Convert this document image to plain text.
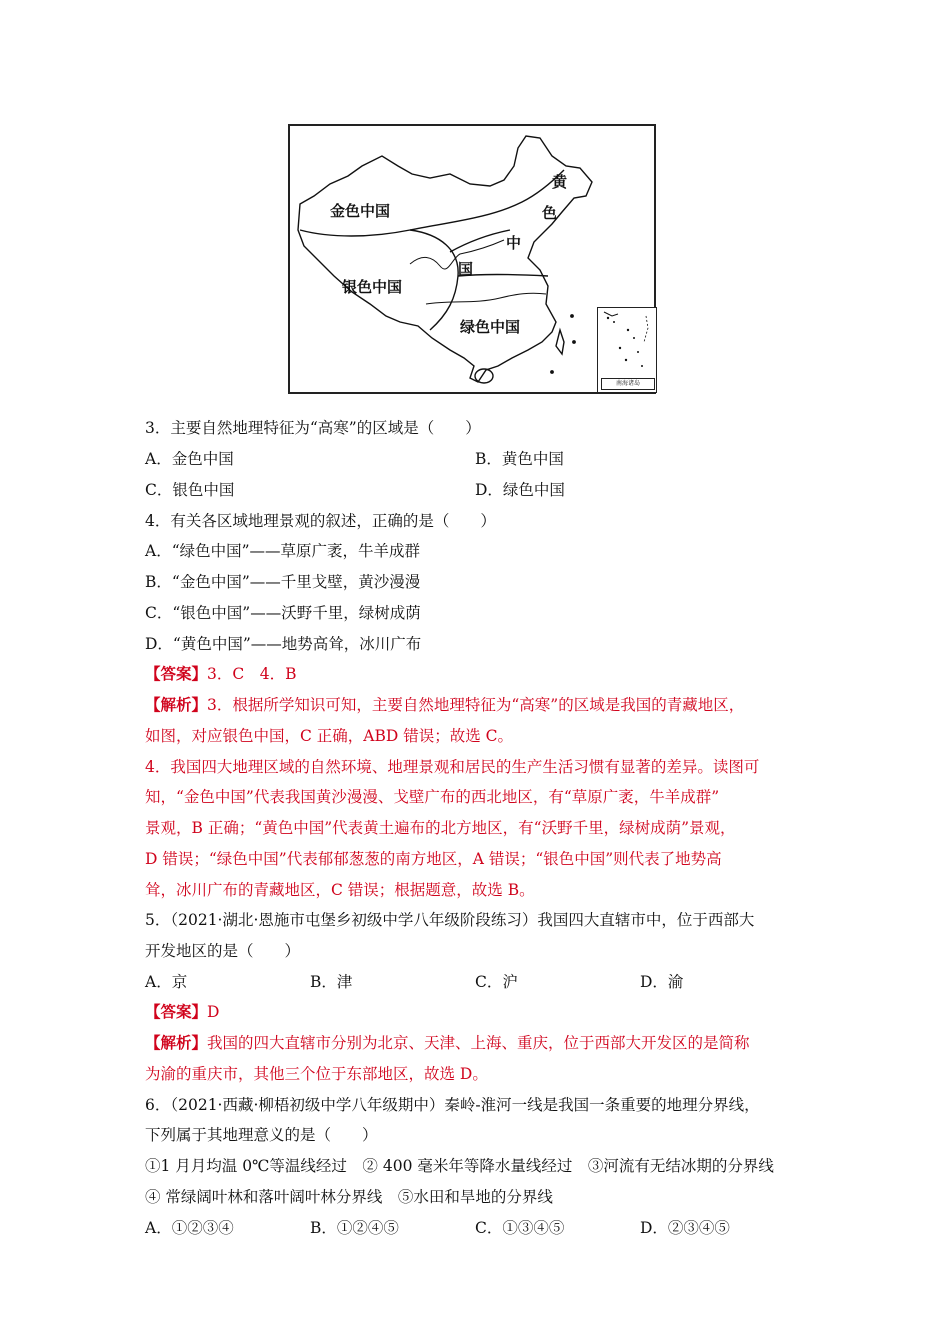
金色中国
银色中国
绿色中国
黄
色
中
国
南海诸岛
3．主要自然地理特征为“高寒”的区域是（　　）
A．金色中国	B．黄色中国
C．银色中国	D．绿色中国
4．有关各区域地理景观的叙述，正确的是（　　）
A．“绿色中国”——草原广袤，牛羊成群
B．“金色中国”——千里戈壁，黄沙漫漫
C．“银色中国”——沃野千里，绿树成荫
D．“黄色中国”——地势高耸，冰川广布
【答案】3．C　4．B
【解析】3．根据所学知识可知，主要自然地理特征为“高寒”的区域是我国的青藏地区，
如图，对应银色中国，C 正确，ABD 错误；故选 C。
4．我国四大地理区域的自然环境、地理景观和居民的生产生活习惯有显著的差异。读图可
知，“金色中国”代表我国黄沙漫漫、戈壁广布的西北地区，有“草原广袤，牛羊成群”
景观，B 正确；“黄色中国”代表黄土遍布的北方地区，有“沃野千里，绿树成荫”景观，
D 错误；“绿色中国”代表郁郁葱葱的南方地区，A 错误；“银色中国”则代表了地势高
耸，冰川广布的青藏地区，C 错误；根据题意，故选 B。
5．（2021·湖北·恩施市屯堡乡初级中学八年级阶段练习）我国四大直辖市中，位于西部大
开发地区的是（　　）
A．京	B．津	C．沪	D．渝
【答案】D
【解析】我国的四大直辖市分别为北京、天津、上海、重庆，位于西部大开发区的是简称
为渝的重庆市，其他三个位于东部地区，故选 D。
6．（2021·西藏·柳梧初级中学八年级期中）秦岭-淮河一线是我国一条重要的地理分界线，
下列属于其地理意义的是（　　）
①1 月月均温 0℃等温线经过　② 400 毫米年等降水量线经过　③河流有无结冰期的分界线
④ 常绿阔叶林和落叶阔叶林分界线　⑤水田和旱地的分界线
A．①②③④	B．①②④⑤	C．①③④⑤	D．②③④⑤
